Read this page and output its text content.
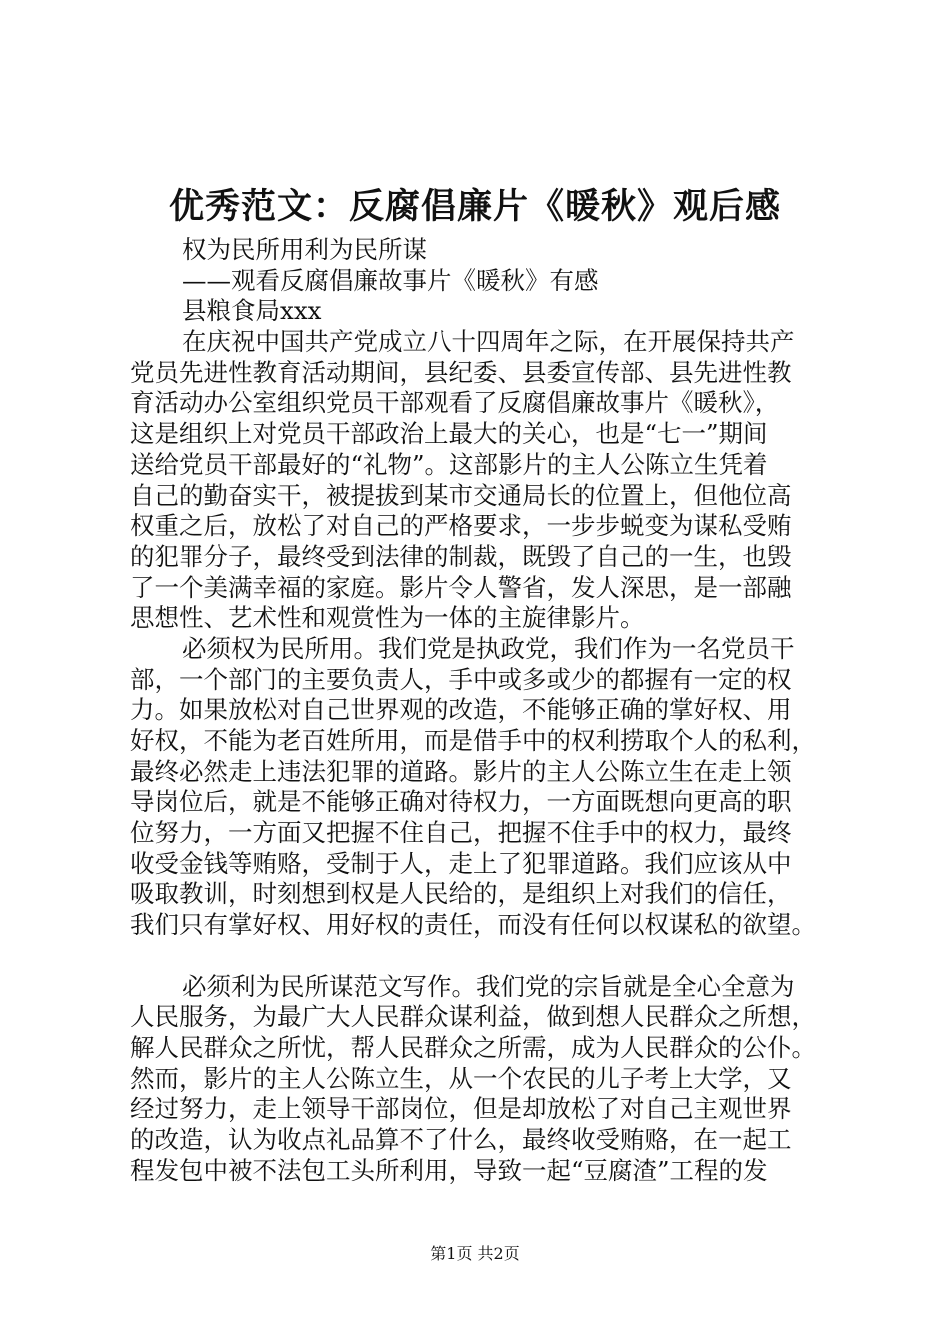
优秀范文：反腐倡廉片《暖秋》观后感
权为民所用利为民所谋
——观看反腐倡廉故事片《暖秋》有感
县粮食局xxx
在庆祝中国共产党成立八十四周年之际，在开展保持共产
党员先进性教育活动期间，县纪委、县委宣传部、县先进性教
育活动办公室组织党员干部观看了反腐倡廉故事片《暖秋》，
这是组织上对党员干部政治上最大的关心，也是“七一”期间
送给党员干部最好的“礼物”。这部影片的主人公陈立生凭着
自己的勤奋实干，被提拔到某市交通局长的位置上，但他位高
权重之后，放松了对自己的严格要求，一步步蜕变为谋私受贿
的犯罪分子，最终受到法律的制裁，既毁了自己的一生，也毁
了一个美满幸福的家庭。影片令人警省，发人深思，是一部融
思想性、艺术性和观赏性为一体的主旋律影片。
必须权为民所用。我们党是执政党，我们作为一名党员干
部，一个部门的主要负责人，手中或多或少的都握有一定的权
力。如果放松对自己世界观的改造，不能够正确的掌好权、用
好权，不能为老百姓所用，而是借手中的权利捞取个人的私利，
最终必然走上违法犯罪的道路。影片的主人公陈立生在走上领
导岗位后，就是不能够正确对待权力，一方面既想向更高的职
位努力，一方面又把握不住自己，把握不住手中的权力，最终
收受金钱等贿赂，受制于人，走上了犯罪道路。我们应该从中
吸取教训，时刻想到权是人民给的，是组织上对我们的信任，
我们只有掌好权、用好权的责任，而没有任何以权谋私的欲望。
必须利为民所谋范文写作。我们党的宗旨就是全心全意为
人民服务，为最广大人民群众谋利益，做到想人民群众之所想，
解人民群众之所忧，帮人民群众之所需，成为人民群众的公仆。
然而，影片的主人公陈立生，从一个农民的儿子考上大学，又
经过努力，走上领导干部岗位，但是却放松了对自己主观世界
的改造，认为收点礼品算不了什么，最终收受贿赂，在一起工
程发包中被不法包工头所利用，导致一起“豆腐渣”工程的发
第1页 共2页
